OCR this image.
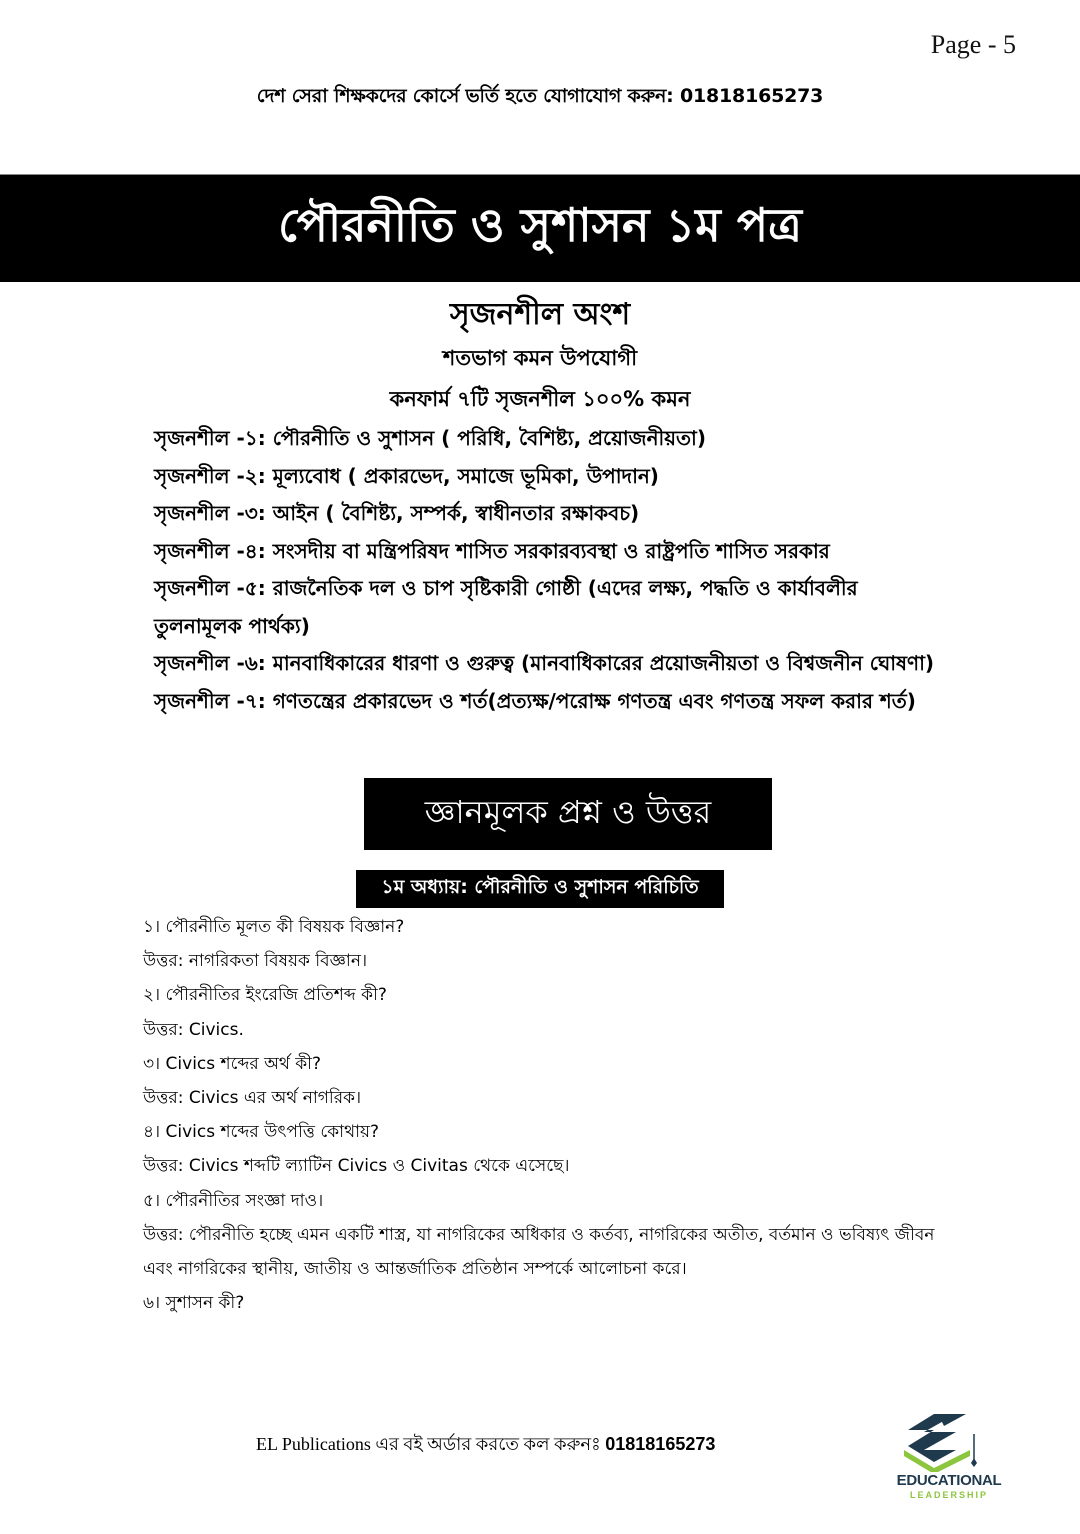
Page - 5
দেশ সেরা শিক্ষকদের কোর্সে ভর্তি হতে যোগাযোগ করুন: 01818165273
পৌরনীতি ও সুশাসন ১ম পত্র
সৃজনশীল অংশ
শতভাগ কমন উপযোগী
কনফার্ম ৭টি সৃজনশীল ১০০% কমন

সৃজনশীল -১: পৌরনীতি ও সুশাসন ( পরিধি, বৈশিষ্ট্য, প্রয়োজনীয়তা)

সৃজনশীল -২: মূল্যবোধ ( প্রকারভেদ, সমাজে ভূমিকা, উপাদান)

সৃজনশীল -৩: আইন ( বৈশিষ্ট্য, সম্পর্ক, স্বাধীনতার রক্ষাকবচ)

সৃজনশীল -৪: সংসদীয় বা মন্ত্রিপরিষদ শাসিত সরকারব্যবস্থা ও রাষ্ট্রপতি শাসিত সরকার

সৃজনশীল -৫: রাজনৈতিক দল ও চাপ সৃষ্টিকারী গোষ্ঠী (এদের লক্ষ্য, পদ্ধতি ও কার্যাবলীর তুলনামূলক পার্থক্য)

সৃজনশীল -৬: মানবাধিকারের ধারণা ও গুরুত্ব (মানবাধিকারের প্রয়োজনীয়তা ও বিশ্বজনীন ঘোষণা)

সৃজনশীল -৭: গণতন্ত্রের প্রকারভেদ ও শর্ত(প্রত্যক্ষ/পরোক্ষ গণতন্ত্র এবং গণতন্ত্র সফল করার শর্ত)

জ্ঞানমূলক প্রশ্ন ও উত্তর
১ম অধ্যায়: পৌরনীতি ও সুশাসন পরিচিতি

১। পৌরনীতি মূলত কী বিষয়ক বিজ্ঞান?

উত্তর: নাগরিকতা বিষয়ক বিজ্ঞান।

২। পৌরনীতির ইংরেজি প্রতিশব্দ কী?

উত্তর: Civics.

৩। Civics শব্দের অর্থ কী?

উত্তর: Civics এর অর্থ নাগরিক।

৪। Civics শব্দের উৎপত্তি কোথায়?

উত্তর: Civics শব্দটি ল্যাটিন Civics ও Civitas থেকে এসেছে।

৫। পৌরনীতির সংজ্ঞা দাও।

উত্তর: পৌরনীতি হচ্ছে এমন একটি শাস্ত্র, যা নাগরিকের অধিকার ও কর্তব্য, নাগরিকের অতীত, বর্তমান ও ভবিষ্যৎ জীবন এবং নাগরিকের স্থানীয়, জাতীয় ও আন্তর্জাতিক প্রতিষ্ঠান সম্পর্কে আলোচনা করে।

৬। সুশাসন কী?

EL Publications এর বই অর্ডার করতে কল করুনঃ 01818165273
EDUCATIONAL
LEADERSHIP
